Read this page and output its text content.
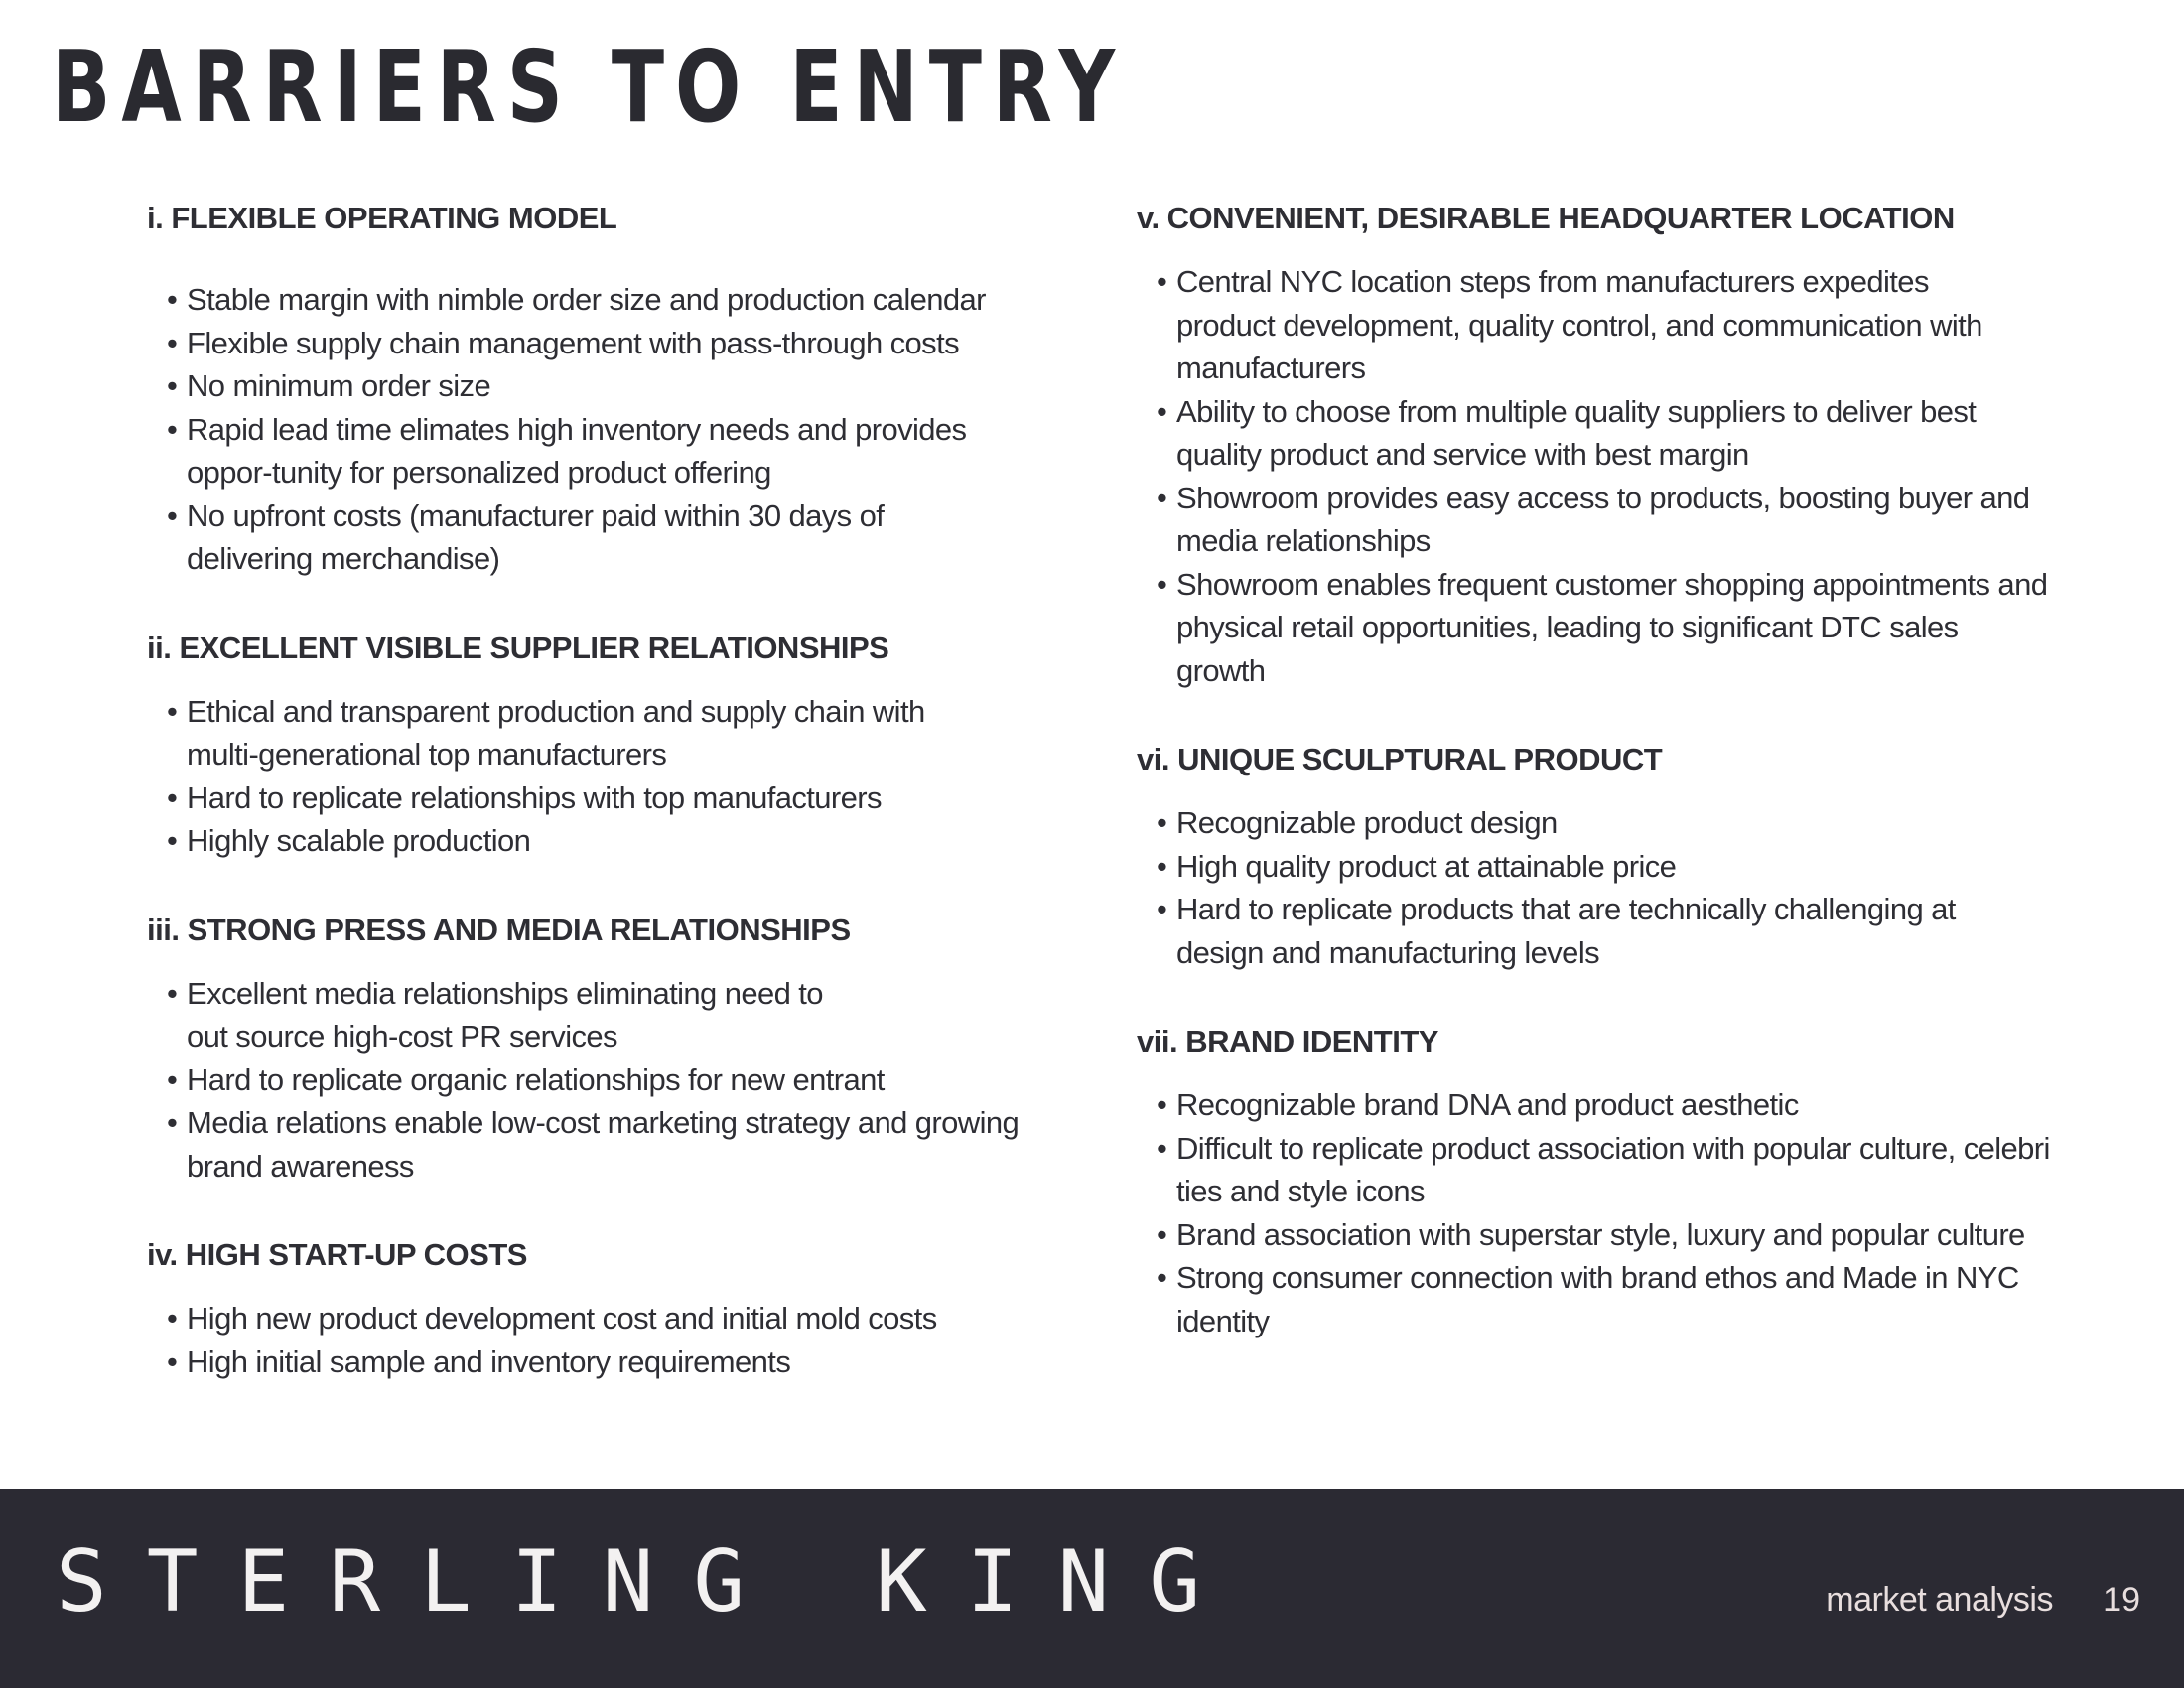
BARRIERS TO ENTRY
i. FLEXIBLE OPERATING MODEL
• Stable margin with nimble order size and production calendar
• Flexible supply chain management with pass-through costs
• No minimum order size
• Rapid lead time elimates high inventory needs and provides oppor-tunity for personalized product offering
• No upfront costs (manufacturer paid within 30 days of delivering merchandise)
ii. EXCELLENT VISIBLE SUPPLIER RELATIONSHIPS
• Ethical and transparent production and supply chain with multi-generational top manufacturers
• Hard to replicate relationships with top manufacturers
• Highly scalable production
iii. STRONG PRESS AND MEDIA RELATIONSHIPS
• Excellent media relationships eliminating need to out source high-cost PR services
• Hard to replicate organic relationships for new entrant
• Media relations enable low-cost marketing strategy and growing brand awareness
iv. HIGH START-UP COSTS
• High new product development cost and initial mold costs
• High initial sample and inventory requirements
v. CONVENIENT, DESIRABLE HEADQUARTER LOCATION
• Central NYC location steps from manufacturers expedites product development, quality control, and communication with manufacturers
• Ability to choose from multiple quality suppliers to deliver best quality product and service with best margin
• Showroom provides easy access to products, boosting buyer and media relationships
• Showroom enables frequent customer shopping appointments and physical retail opportunities, leading to significant DTC sales growth
vi. UNIQUE SCULPTURAL PRODUCT
• Recognizable product design
• High quality product at attainable price
• Hard to replicate products that are technically challenging at design and manufacturing levels
vii. BRAND IDENTITY
• Recognizable brand DNA and product aesthetic
• Difficult to replicate product association with popular culture, celebri ties and style icons
• Brand association with superstar style, luxury and popular culture
• Strong consumer connection with brand ethos and Made in NYC identity
STERLING KING	market analysis 19
